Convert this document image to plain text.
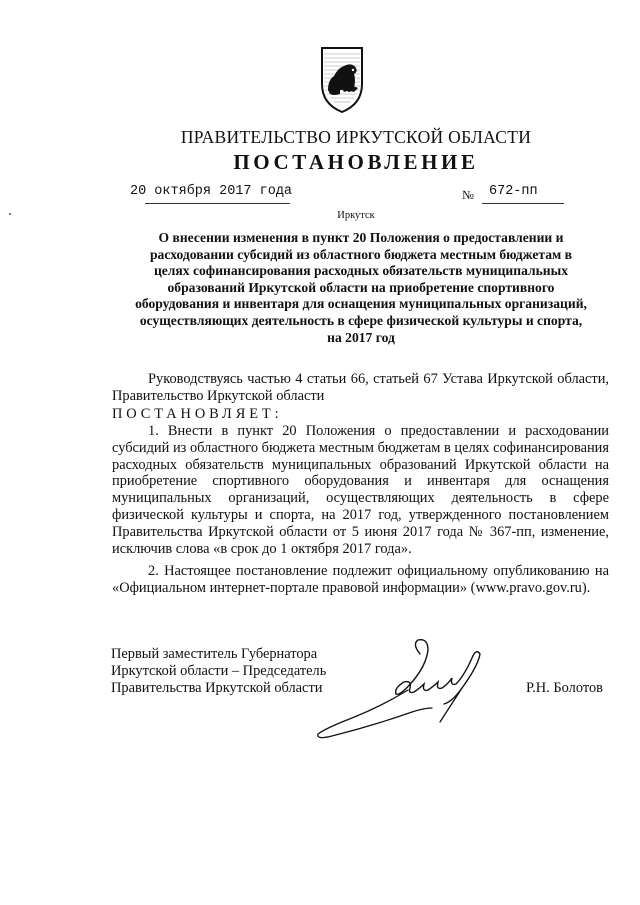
ПРАВИТЕЛЬСТВО ИРКУТСКОЙ ОБЛАСТИ
ПОСТАНОВЛЕНИЕ
20 октября 2017 года	№ 672-пп
Иркутск
О внесении изменения в пункт 20 Положения о предоставлении и
расходовании субсидий из областного бюджета местным бюджетам в
целях софинансирования расходных обязательств муниципальных
образований Иркутской области на приобретение спортивного
оборудования и инвентаря для оснащения муниципальных организаций,
осуществляющих деятельность в сфере физической культуры и спорта,
на 2017 год
Руководствуясь частью 4 статьи 66, статьей 67 Устава Иркутской области, Правительство Иркутской области
ПОСТАНОВЛЯЕТ:
1. Внести в пункт 20 Положения о предоставлении и расходовании субсидий из областного бюджета местным бюджетам в целях софинансирования расходных обязательств муниципальных образований Иркутской области на приобретение спортивного оборудования и инвентаря для оснащения муниципальных организаций, осуществляющих деятельность в сфере физической культуры и спорта, на 2017 год, утвержденного постановлением Правительства Иркутской области от 5 июня 2017 года № 367-пп, изменение, исключив слова «в срок до 1 октября 2017 года».
2. Настоящее постановление подлежит официальному опубликованию на «Официальном интернет-портале правовой информации» (www.pravo.gov.ru).
Первый заместитель Губернатора
Иркутской области – Председатель
Правительства Иркутской области	Р.Н. Болотов
